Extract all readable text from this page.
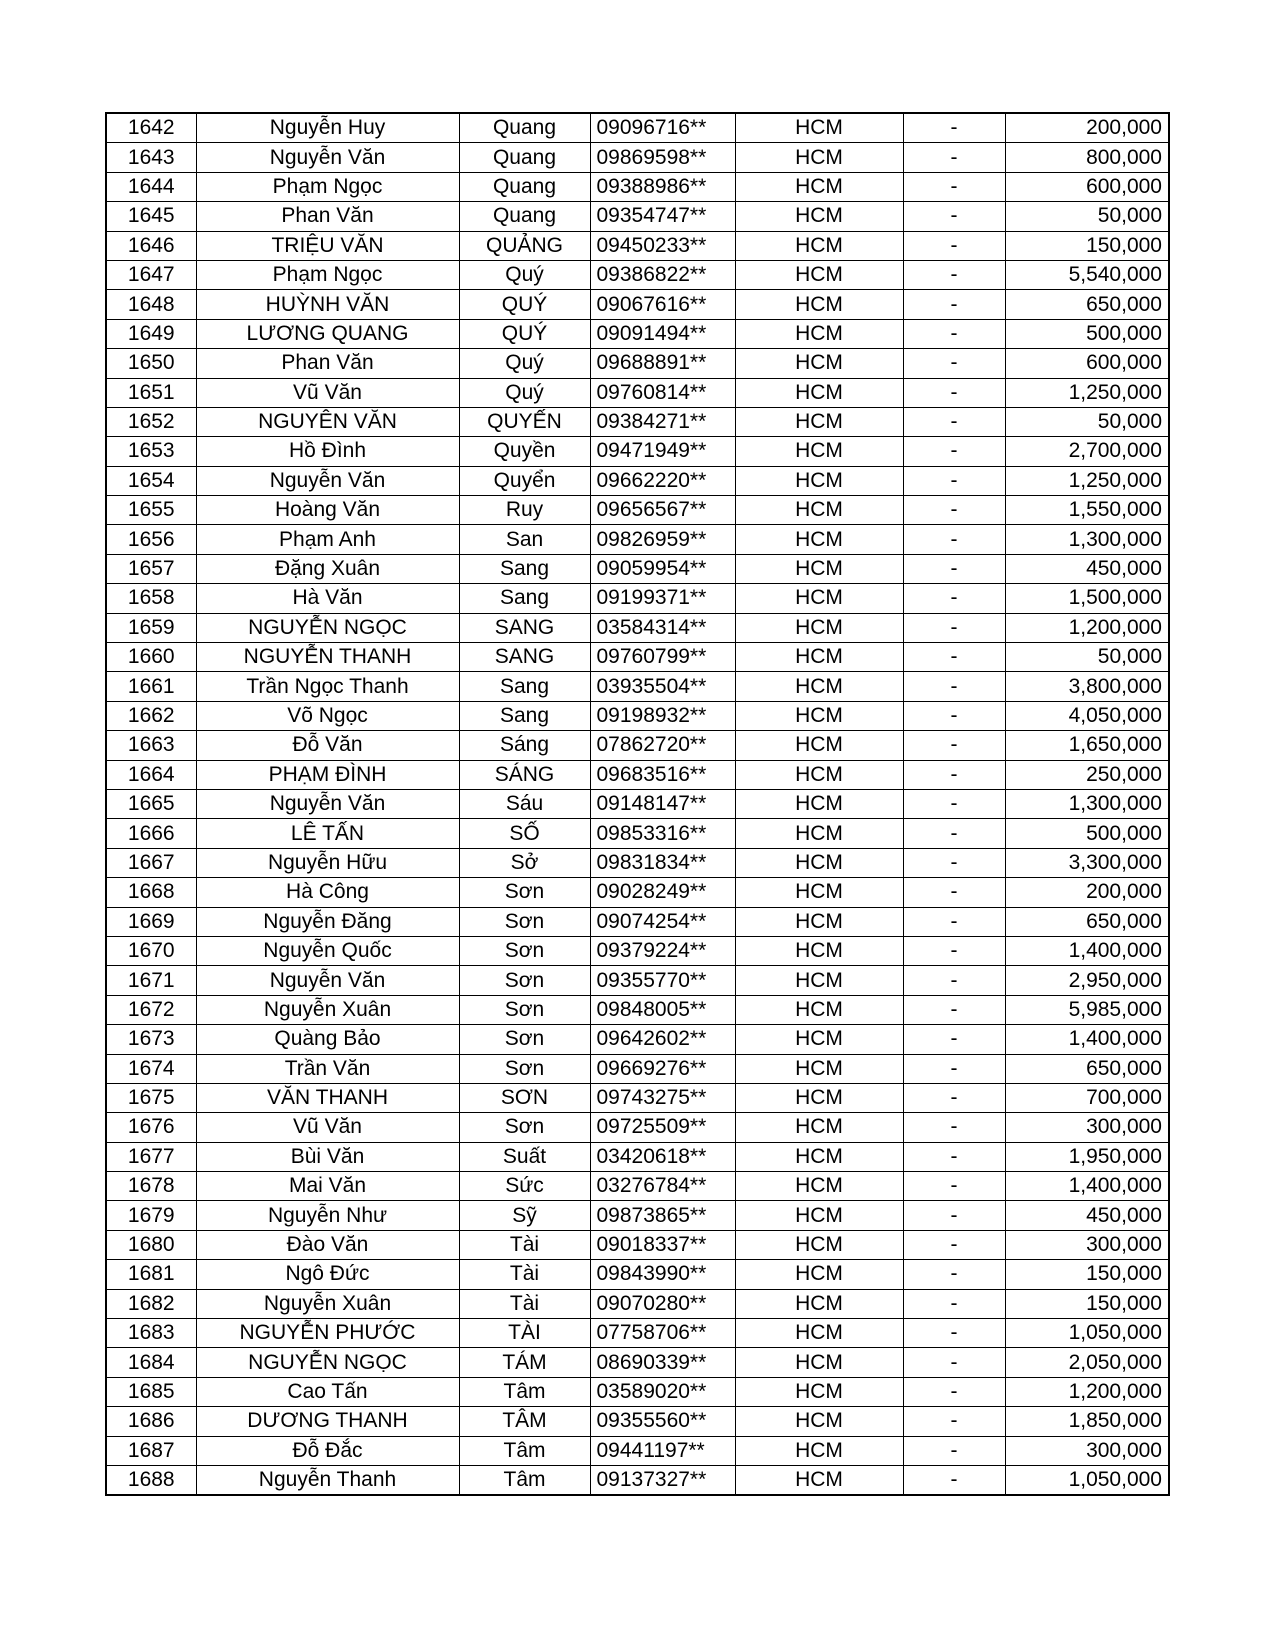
1642	Nguyễn Huy	Quang	09096716**	HCM	-	200,000
1643	Nguyễn Văn	Quang	09869598**	HCM	-	800,000
1644	Phạm Ngọc	Quang	09388986**	HCM	-	600,000
1645	Phan Văn	Quang	09354747**	HCM	-	50,000
1646	TRIỆU VĂN	QUẢNG	09450233**	HCM	-	150,000
1647	Phạm Ngọc	Quý	09386822**	HCM	-	5,540,000
1648	HUỲNH VĂN	QUÝ	09067616**	HCM	-	650,000
1649	LƯƠNG QUANG	QUÝ	09091494**	HCM	-	500,000
1650	Phan Văn	Quý	09688891**	HCM	-	600,000
1651	Vũ Văn	Quý	09760814**	HCM	-	1,250,000
1652	NGUYÊN VĂN	QUYẾN	09384271**	HCM	-	50,000
1653	Hồ Đình	Quyền	09471949**	HCM	-	2,700,000
1654	Nguyễn Văn	Quyển	09662220**	HCM	-	1,250,000
1655	Hoàng Văn	Ruy	09656567**	HCM	-	1,550,000
1656	Phạm Anh	San	09826959**	HCM	-	1,300,000
1657	Đặng Xuân	Sang	09059954**	HCM	-	450,000
1658	Hà Văn	Sang	09199371**	HCM	-	1,500,000
1659	NGUYỄN NGỌC	SANG	03584314**	HCM	-	1,200,000
1660	NGUYỄN THANH	SANG	09760799**	HCM	-	50,000
1661	Trần Ngọc Thanh	Sang	03935504**	HCM	-	3,800,000
1662	Võ Ngọc	Sang	09198932**	HCM	-	4,050,000
1663	Đỗ Văn	Sáng	07862720**	HCM	-	1,650,000
1664	PHẠM ĐÌNH	SÁNG	09683516**	HCM	-	250,000
1665	Nguyễn Văn	Sáu	09148147**	HCM	-	1,300,000
1666	LÊ TẤN	SỐ	09853316**	HCM	-	500,000
1667	Nguyễn Hữu	Sở	09831834**	HCM	-	3,300,000
1668	Hà Công	Sơn	09028249**	HCM	-	200,000
1669	Nguyễn Đăng	Sơn	09074254**	HCM	-	650,000
1670	Nguyễn Quốc	Sơn	09379224**	HCM	-	1,400,000
1671	Nguyễn Văn	Sơn	09355770**	HCM	-	2,950,000
1672	Nguyễn Xuân	Sơn	09848005**	HCM	-	5,985,000
1673	Quàng Bảo	Sơn	09642602**	HCM	-	1,400,000
1674	Trần Văn	Sơn	09669276**	HCM	-	650,000
1675	VĂN THANH	SƠN	09743275**	HCM	-	700,000
1676	Vũ Văn	Sơn	09725509**	HCM	-	300,000
1677	Bùi Văn	Suất	03420618**	HCM	-	1,950,000
1678	Mai Văn	Sức	03276784**	HCM	-	1,400,000
1679	Nguyễn Như	Sỹ	09873865**	HCM	-	450,000
1680	Đào Văn	Tài	09018337**	HCM	-	300,000
1681	Ngô Đức	Tài	09843990**	HCM	-	150,000
1682	Nguyễn Xuân	Tài	09070280**	HCM	-	150,000
1683	NGUYỄN PHƯỚC	TÀI	07758706**	HCM	-	1,050,000
1684	NGUYỄN NGỌC	TÁM	08690339**	HCM	-	2,050,000
1685	Cao Tấn	Tâm	03589020**	HCM	-	1,200,000
1686	DƯƠNG THANH	TÂM	09355560**	HCM	-	1,850,000
1687	Đỗ Đắc	Tâm	09441197**	HCM	-	300,000
1688	Nguyễn Thanh	Tâm	09137327**	HCM	-	1,050,000
